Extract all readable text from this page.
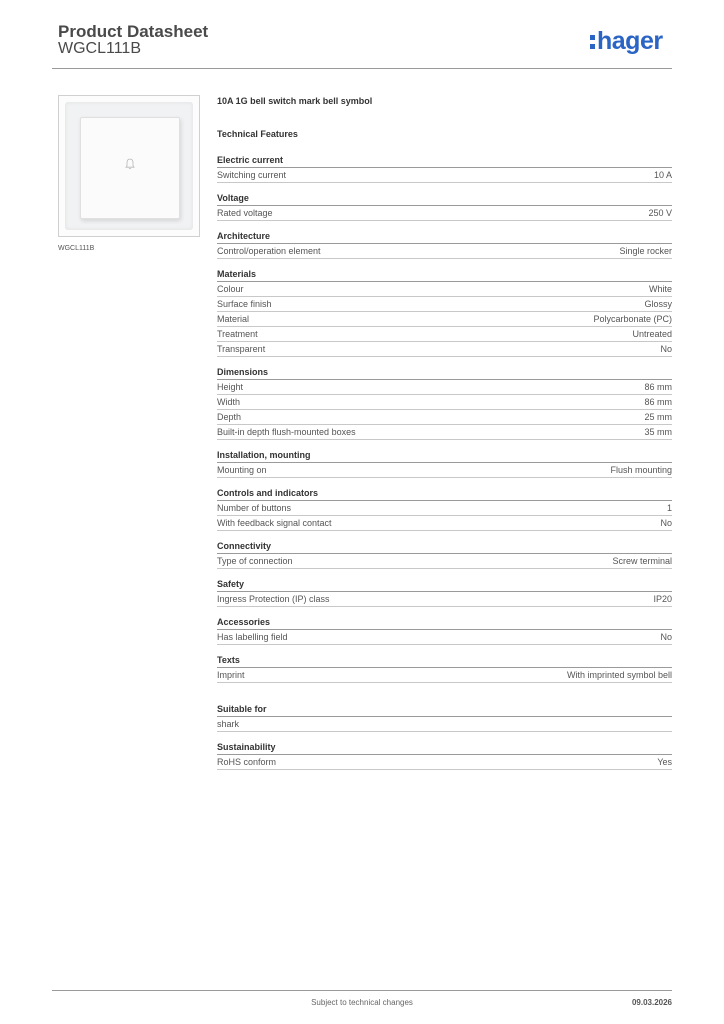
Product Datasheet
WGCL111B	hager
WGCL111B
10A 1G bell switch mark bell symbol
Technical Features
Electric current
Switching current	10 A
Voltage
Rated voltage	250 V
Architecture
Control/operation element	Single rocker
Materials
Colour	White
Surface finish	Glossy
Material	Polycarbonate (PC)
Treatment	Untreated
Transparent	No
Dimensions
Height	86 mm
Width	86 mm
Depth	25 mm
Built-in depth flush-mounted boxes	35 mm
Installation, mounting
Mounting on	Flush mounting
Controls and indicators
Number of buttons	1
With feedback signal contact	No
Connectivity
Type of connection	Screw terminal
Safety
Ingress Protection (IP) class	IP20
Accessories
Has labelling field	No
Texts
Imprint	With imprinted symbol bell
Suitable for
shark
Sustainability
RoHS conform	Yes
Subject to technical changes	09.03.2026
